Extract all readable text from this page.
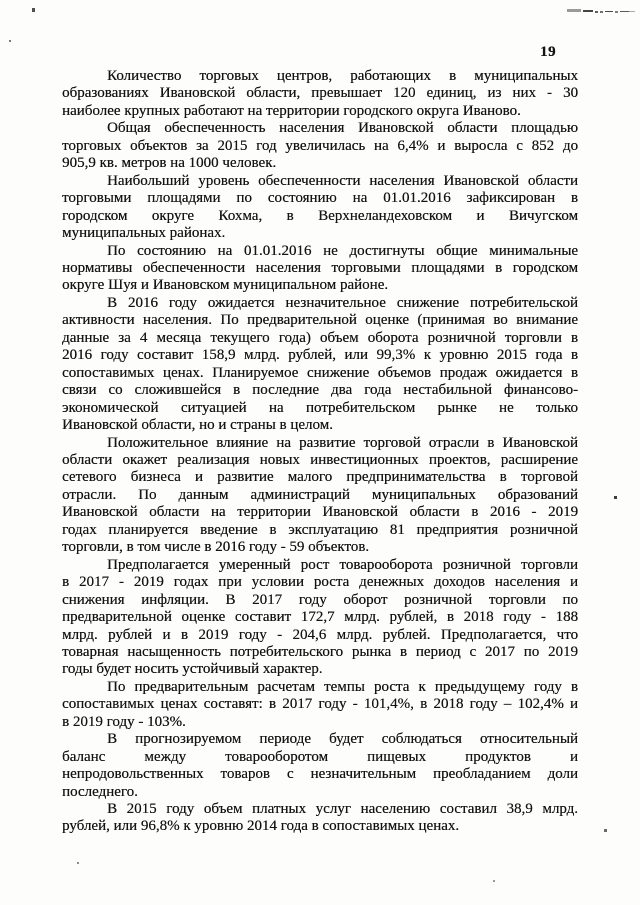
19
Количество торговых центров, работающих в муниципальных
образованиях Ивановской области, превышает 120 единиц, из них - 30
наиболее крупных работают на территории городского округа Иваново.
Общая обеспеченность населения Ивановской области площадью
торговых объектов за 2015 год увеличилась на 6,4% и выросла с 852 до
905,9 кв. метров на 1000 человек.
Наибольший уровень обеспеченности населения Ивановской области
торговыми площадями по состоянию на 01.01.2016 зафиксирован в
городском округе Кохма, в Верхнеландеховском и Вичугском
муниципальных районах.
По состоянию на 01.01.2016 не достигнуты общие минимальные
нормативы обеспеченности населения торговыми площадями в городском
округе Шуя и Ивановском муниципальном районе.
В 2016 году ожидается незначительное снижение потребительской
активности населения. По предварительной оценке (принимая во внимание
данные за 4 месяца текущего года) объем оборота розничной торговли в
2016 году составит 158,9 млрд. рублей, или 99,3% к уровню 2015 года в
сопоставимых ценах. Планируемое снижение объемов продаж ожидается в
связи со сложившейся в последние два года нестабильной финансово-
экономической ситуацией на потребительском рынке не только
Ивановской области, но и страны в целом.
Положительное влияние на развитие торговой отрасли в Ивановской
области окажет реализация новых инвестиционных проектов, расширение
сетевого бизнеса и развитие малого предпринимательства в торговой
отрасли. По данным администраций муниципальных образований
Ивановской области на территории Ивановской области в 2016 - 2019
годах планируется введение в эксплуатацию 81 предприятия розничной
торговли, в том числе в 2016 году - 59 объектов.
Предполагается умеренный рост товарооборота розничной торговли
в 2017 - 2019 годах при условии роста денежных доходов населения и
снижения инфляции. В 2017 году оборот розничной торговли по
предварительной оценке составит 172,7 млрд. рублей, в 2018 году - 188
млрд. рублей и в 2019 году - 204,6 млрд. рублей. Предполагается, что
товарная насыщенность потребительского рынка в период с 2017 по 2019
годы будет носить устойчивый характер.
По предварительным расчетам темпы роста к предыдущему году в
сопоставимых ценах составят: в 2017 году - 101,4%, в 2018 году – 102,4% и
в 2019 году - 103%.
В прогнозируемом периоде будет соблюдаться относительный
баланс между товарооборотом пищевых продуктов и
непродовольственных товаров с незначительным преобладанием доли
последнего.
В 2015 году объем платных услуг населению составил 38,9 млрд.
рублей, или 96,8% к уровню 2014 года в сопоставимых ценах.
